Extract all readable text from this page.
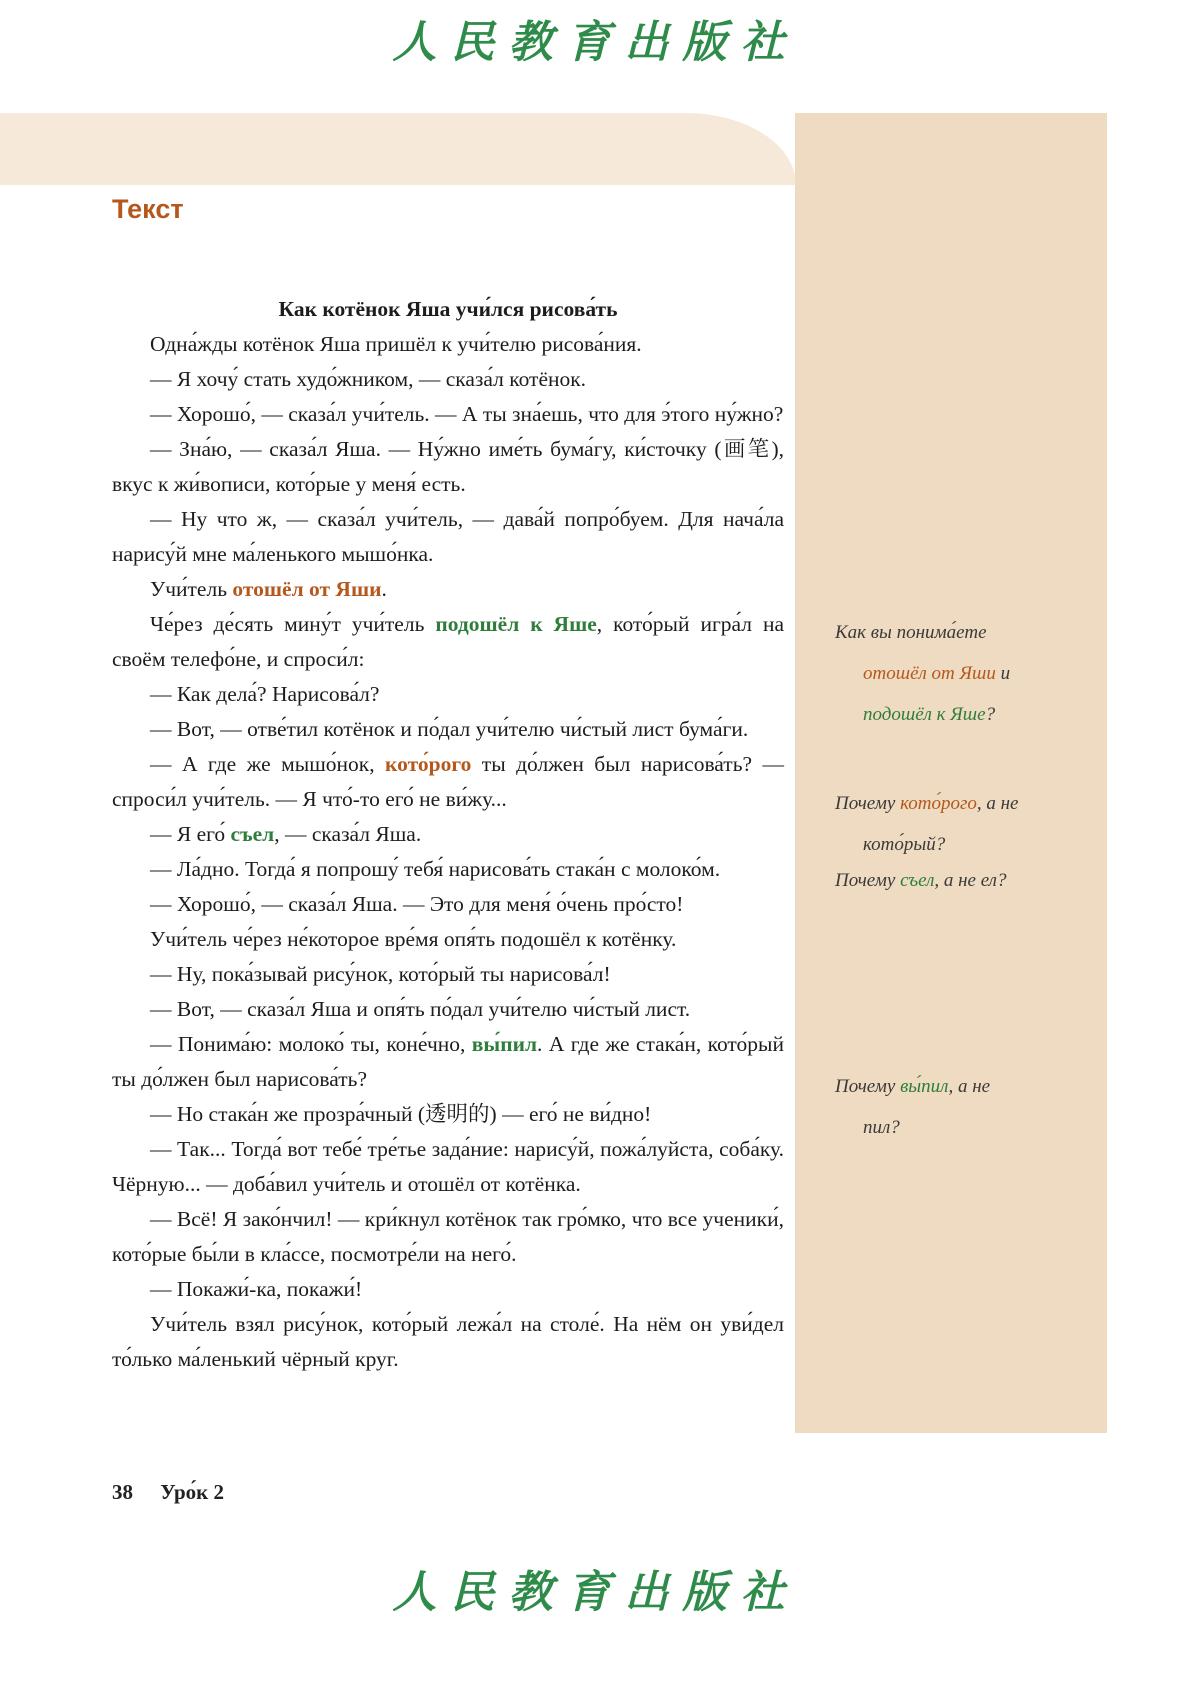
人民教育出版社
Текст

Как котёнок Яша учи́лся рисова́ть

Одна́жды котёнок Яша пришёл к учи́телю рисова́ния.

— Я хочу́ стать худо́жником, — сказа́л котёнок.

— Хорошо́, — сказа́л учи́тель. — А ты зна́ешь, что для э́того ну́жно?

— Зна́ю, — сказа́л Яша. — Ну́жно име́ть бума́гу, ки́сточку (画笔), вкус к жи́вописи, кото́рые у меня́ есть.

— Ну что ж, — сказа́л учи́тель, — дава́й попро́буем. Для нача́ла нарису́й мне ма́ленького мышо́нка.

Учи́тель отошёл от Яши.

Че́рез де́сять мину́т учи́тель подошёл к Яше, кото́рый игра́л на своём телефо́не, и спроси́л:

— Как дела́? Нарисова́л?

— Вот, — отве́тил котёнок и по́дал учи́телю чи́стый лист бума́ги.

— А где же мышо́нок, кото́рого ты до́лжен был нарисова́ть? — спроси́л учи́тель. — Я что́-то его́ не ви́жу...

— Я его́ съел, — сказа́л Яша.

— Ла́дно. Тогда́ я попрошу́ тебя́ нарисова́ть стака́н с молоко́м.

— Хорошо́, — сказа́л Яша. — Это для меня́ о́чень про́сто!

Учи́тель че́рез не́которое вре́мя опя́ть подошёл к котёнку.

— Ну, пока́зывай рису́нок, кото́рый ты нарисова́л!

— Вот, — сказа́л Яша и опя́ть по́дал учи́телю чи́стый лист.

— Понима́ю: молоко́ ты, коне́чно, вы́пил. А где же стака́н, кото́рый ты до́лжен был нарисова́ть?

— Но стака́н же прозра́чный (透明的) — его́ не ви́дно!

— Так... Тогда́ вот тебе́ тре́тье зада́ние: нарису́й, пожа́луйста, соба́ку. Чёрную... — доба́вил учи́тель и отошёл от котёнка.

— Всё! Я зако́нчил! — кри́кнул котёнок так гро́мко, что все ученики́, кото́рые бы́ли в кла́ссе, посмотре́ли на него́.

— Покажи́-ка, покажи́!

Учи́тель взял рису́нок, кото́рый лежа́л на столе́. На нём он уви́дел то́лько ма́ленький чёрный круг.

Как вы понима́ете
отошёл от Яши и
подошёл к Яше?
Почему кото́рого, а не
кото́рый?
Почему съел, а не ел?
Почему вы́пил, а не
пил?
38 Уро́к 2
人民教育出版社
